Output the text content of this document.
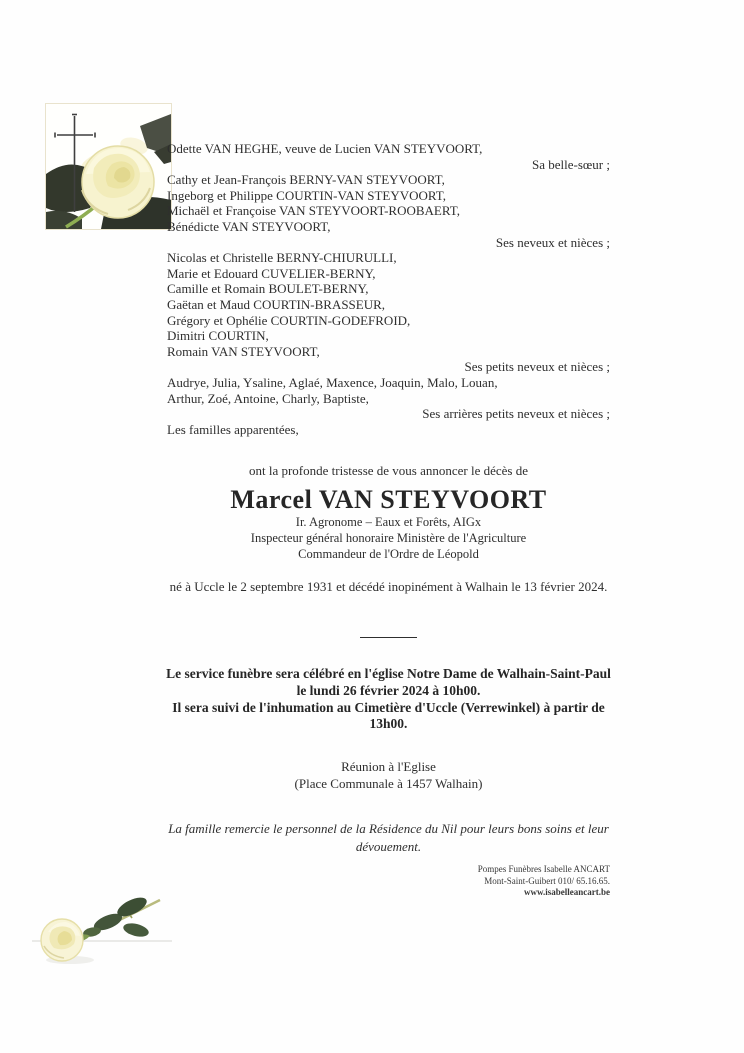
Odette VAN HEGHE, veuve de Lucien VAN STEYVOORT,
Sa belle-sœur ;
Cathy et Jean-François BERNY-VAN STEYVOORT,
Ingeborg et Philippe COURTIN-VAN STEYVOORT,
Michaël et Françoise VAN STEYVOORT-ROOBAERT,
Bénédicte VAN STEYVOORT,
Ses neveux et nièces ;
Nicolas et Christelle BERNY-CHIURULLI,
Marie et Edouard CUVELIER-BERNY,
Camille et Romain BOULET-BERNY,
Gaëtan et Maud COURTIN-BRASSEUR,
Grégory et Ophélie COURTIN-GODEFROID,
Dimitri COURTIN,
Romain VAN STEYVOORT,
Ses petits neveux et nièces ;
Audrye, Julia, Ysaline, Aglaé, Maxence, Joaquin, Malo, Louan,
Arthur, Zoé, Antoine, Charly, Baptiste,
Ses arrières petits neveux et nièces ;
Les familles apparentées,
ont la profonde tristesse de vous annoncer le décès de
Marcel VAN STEYVOORT
Ir. Agronome – Eaux et Forêts, AIGx
Inspecteur général honoraire Ministère de l'Agriculture
Commandeur de l'Ordre de Léopold
né à Uccle le 2 septembre 1931 et décédé inopinément à Walhain le 13 février 2024.
Le service funèbre sera célébré en l'église Notre Dame de Walhain-Saint-Paul
le lundi 26 février 2024 à 10h00.
Il sera suivi de l'inhumation au Cimetière d'Uccle (Verrewinkel) à partir de 13h00.
Réunion à l'Eglise
(Place Communale à 1457 Walhain)
La famille remercie le personnel de la Résidence du Nil pour leurs bons soins et leur dévouement.
Pompes Funèbres Isabelle ANCART
Mont-Saint-Guibert 010/ 65.16.65.
www.isabelleancart.be
